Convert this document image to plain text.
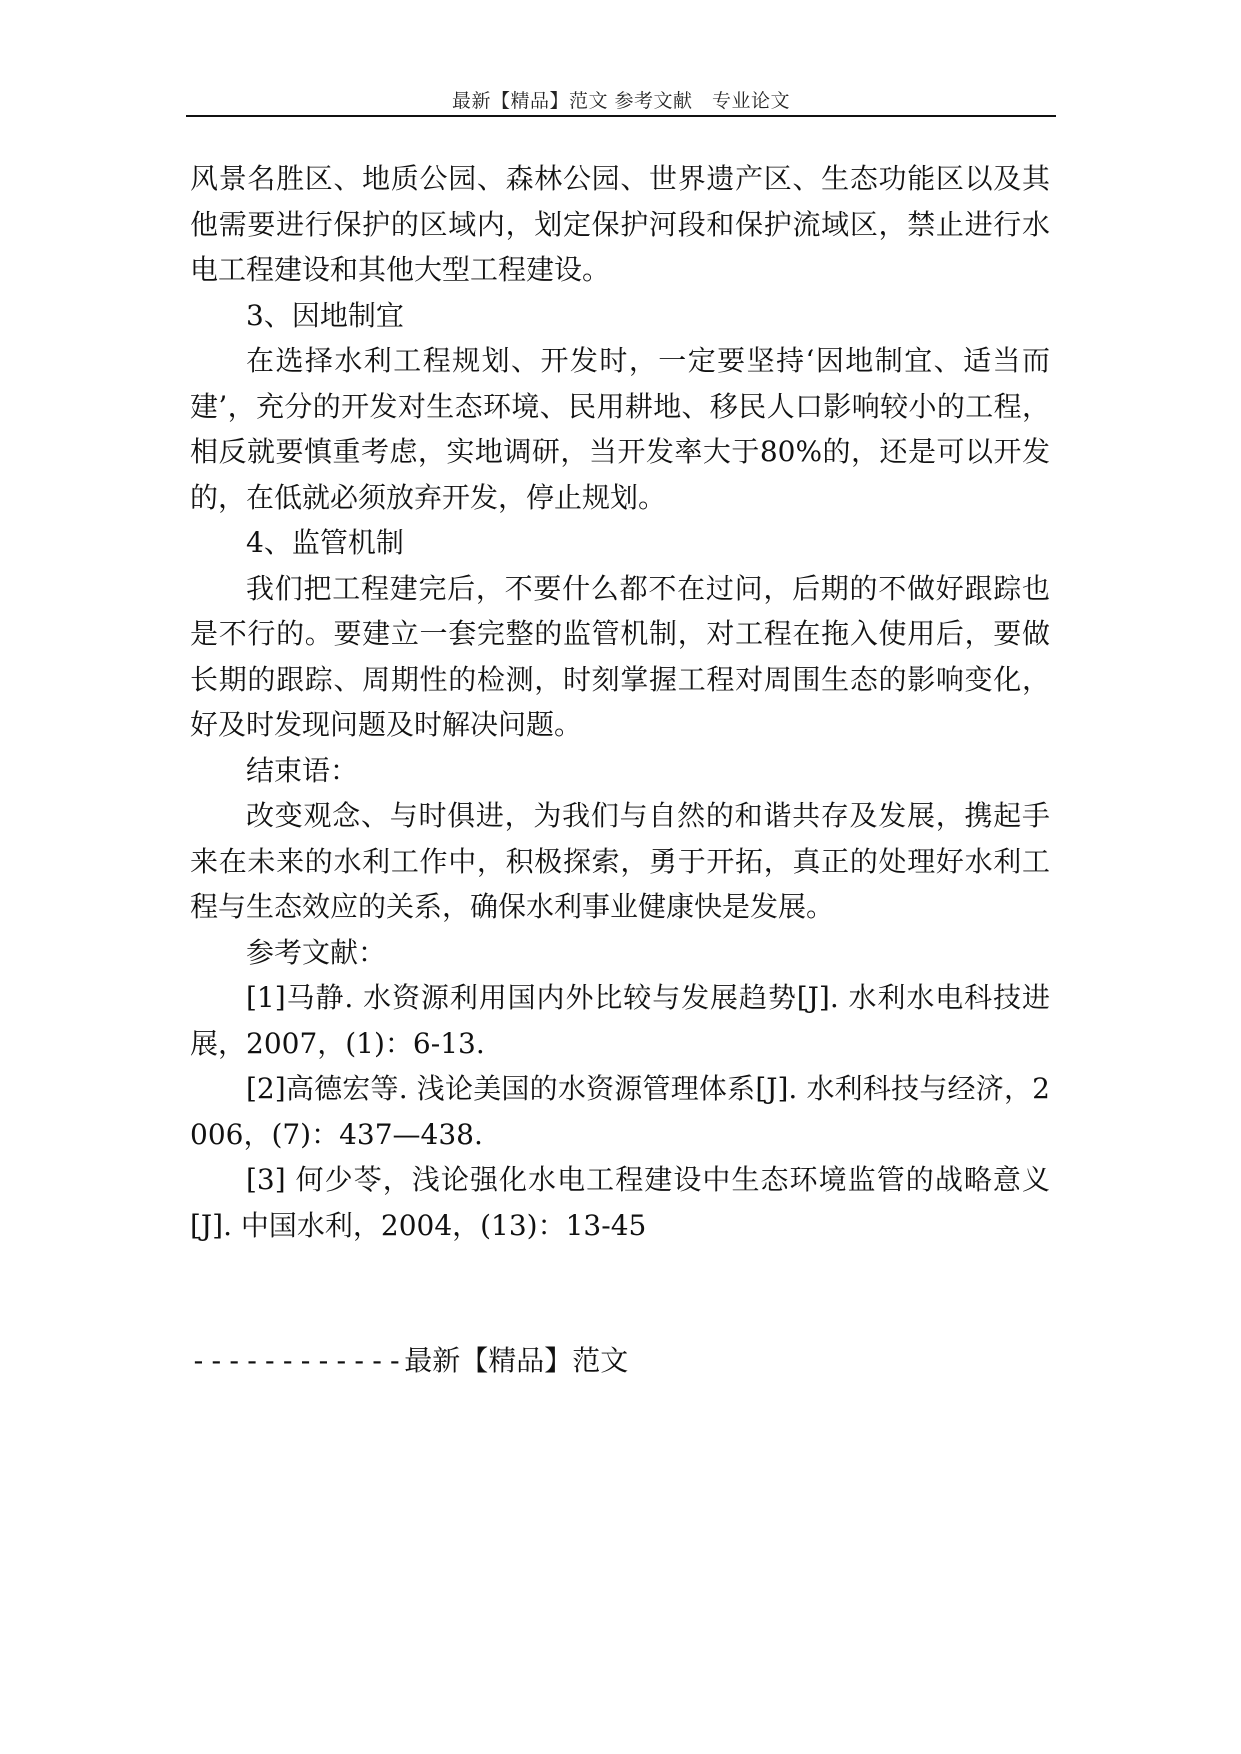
最新【精品】范文 参考文献　专业论文

风景名胜区、地质公园、森林公园、世界遗产区、生态功能区以及其他需要进行保护的区域内，划定保护河段和保护流域区，禁止进行水电工程建设和其他大型工程建设。

3、因地制宜

在选择水利工程规划、开发时，一定要坚持‘因地制宜、适当而建’，充分的开发对生态环境、民用耕地、移民人口影响较小的工程，相反就要慎重考虑，实地调研，当开发率大于80%的，还是可以开发的，在低就必须放弃开发，停止规划。

4、监管机制

我们把工程建完后，不要什么都不在过问，后期的不做好跟踪也是不行的。要建立一套完整的监管机制，对工程在拖入使用后，要做长期的跟踪、周期性的检测，时刻掌握工程对周围生态的影响变化，好及时发现问题及时解决问题。

结束语：

改变观念、与时俱进，为我们与自然的和谐共存及发展，携起手来在未来的水利工作中，积极探索，勇于开拓，真正的处理好水利工程与生态效应的关系，确保水利事业健康快是发展。

参考文献：

[1]马静. 水资源利用国内外比较与发展趋势[J]. 水利水电科技进展，2007，(1)：6-13.

[2]高德宏等. 浅论美国的水资源管理体系[J]. 水利科技与经济，2006，(7)：437—438.

[3] 何少苓，浅论强化水电工程建设中生态环境监管的战略意义[J]. 中国水利，2004，(13)：13-45

------------最新【精品】范文
